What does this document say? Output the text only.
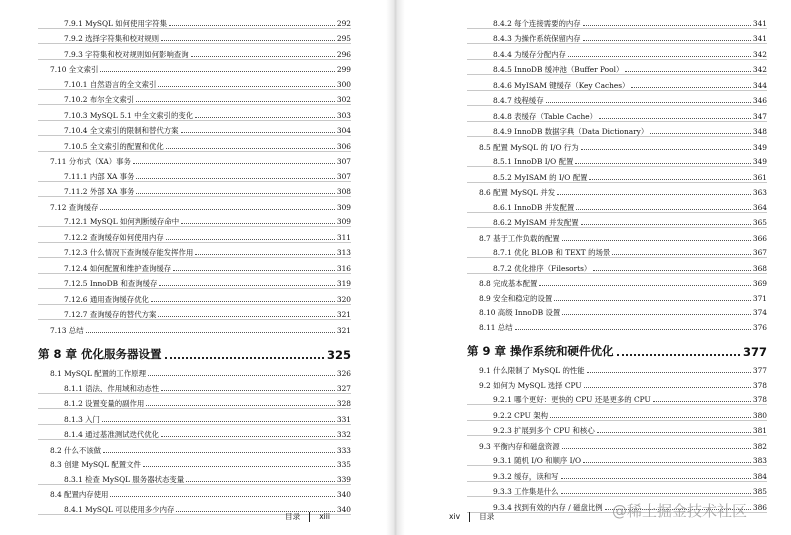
7.9.1 MySQL 如何使用字符集	292
7.9.2 选择字符集和校对规则	295
7.9.3 字符集和校对规则如何影响查询	296
7.10 全文索引	299
7.10.1 自然语言的全文索引	300
7.10.2 布尔全文索引	302
7.10.3 MySQL 5.1 中全文索引的变化	303
7.10.4 全文索引的限制和替代方案	304
7.10.5 全文索引的配置和优化	306
7.11 分布式（XA）事务	307
7.11.1 内部 XA 事务	307
7.11.2 外部 XA 事务	308
7.12 查询缓存	309
7.12.1 MySQL 如何判断缓存命中	309
7.12.2 查询缓存如何使用内存	311
7.12.3 什么情况下查询缓存能发挥作用	313
7.12.4 如何配置和维护查询缓存	316
7.12.5 InnoDB 和查询缓存	319
7.12.6 通用查询缓存优化	320
7.12.7 查询缓存的替代方案	321
7.13 总结	321
第 8 章 优化服务器设置	325
8.1 MySQL 配置的工作原理	326
8.1.1 语法、作用域和动态性	327
8.1.2 设置变量的副作用	328
8.1.3 入门	331
8.1.4 通过基准测试迭代优化	332
8.2 什么不该做	333
8.3 创建 MySQL 配置文件	335
8.3.1 检查 MySQL 服务器状态变量	339
8.4 配置内存使用	340
8.4.1 MySQL 可以使用多少内存	340
目录	xiii
8.4.2 每个连接需要的内存	341
8.4.3 为操作系统保留内存	341
8.4.4 为缓存分配内存	342
8.4.5 InnoDB 缓冲池（Buffer Pool）	342
8.4.6 MyISAM 键缓存（Key Caches）	344
8.4.7 线程缓存	346
8.4.8 表缓存（Table Cache）	347
8.4.9 InnoDB 数据字典（Data Dictionary）	348
8.5 配置 MySQL 的 I/O 行为	349
8.5.1 InnoDB I/O 配置	349
8.5.2 MyISAM 的 I/O 配置	361
8.6 配置 MySQL 并发	363
8.6.1 InnoDB 并发配置	364
8.6.2 MyISAM 并发配置	365
8.7 基于工作负载的配置	366
8.7.1 优化 BLOB 和 TEXT 的场景	367
8.7.2 优化排序（Filesorts）	368
8.8 完成基本配置	369
8.9 安全和稳定的设置	371
8.10 高级 InnoDB 设置	374
8.11 总结	376
第 9 章 操作系统和硬件优化	377
9.1 什么限制了 MySQL 的性能	377
9.2 如何为 MySQL 选择 CPU	378
9.2.1 哪个更好：更快的 CPU 还是更多的 CPU	378
9.2.2 CPU 架构	380
9.2.3 扩展到多个 CPU 和核心	381
9.3 平衡内存和磁盘资源	382
9.3.1 随机 I/O 和顺序 I/O	383
9.3.2 缓存，读和写	384
9.3.3 工作集是什么	385
9.3.4 找到有效的内存 / 磁盘比例	386
xiv	目录	@稀土掘金技术社区
